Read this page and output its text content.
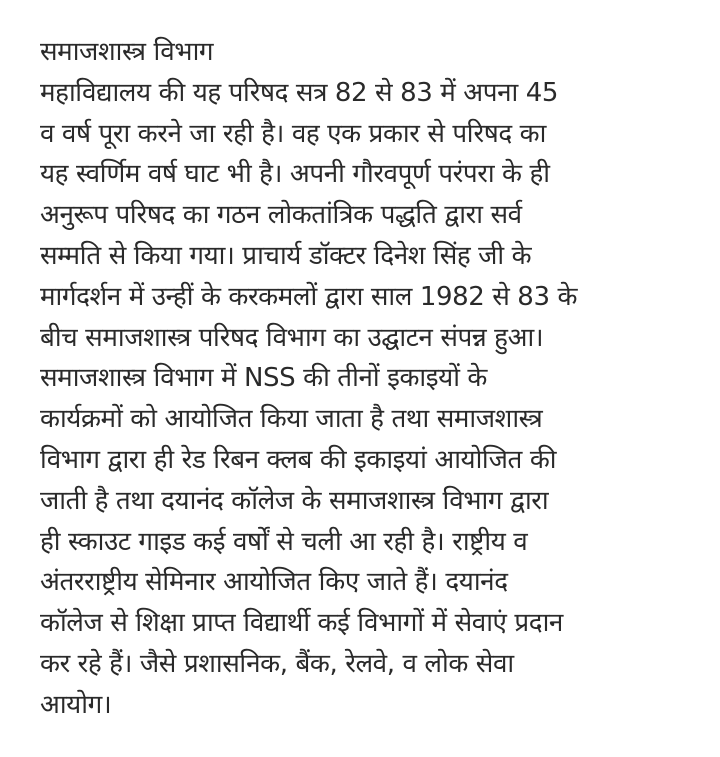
समाजशास्त्र विभाग
महाविद्यालय की यह परिषद सत्र 82 से 83 में अपना 45
व वर्ष पूरा करने जा रही है। वह एक प्रकार से परिषद का
यह स्वर्णिम वर्ष घाट भी है। अपनी गौरवपूर्ण परंपरा के ही
अनुरूप परिषद का गठन लोकतांत्रिक पद्धति द्वारा सर्व
सम्मति से किया गया। प्राचार्य डॉक्टर दिनेश सिंह जी के
मार्गदर्शन में उन्हीं के करकमलों द्वारा साल 1982 से 83 के
बीच समाजशास्त्र परिषद विभाग का उद्घाटन संपन्न हुआ।
समाजशास्त्र विभाग में NSS की तीनों इकाइयों के
कार्यक्रमों को आयोजित किया जाता है तथा समाजशास्त्र
विभाग द्वारा ही रेड रिबन क्लब की इकाइयां आयोजित की
जाती है तथा दयानंद कॉलेज के समाजशास्त्र विभाग द्वारा
ही स्काउट गाइड कई वर्षों से चली आ रही है। राष्ट्रीय व
अंतरराष्ट्रीय सेमिनार आयोजित किए जाते हैं। दयानंद
कॉलेज से शिक्षा प्राप्त विद्यार्थी कई विभागों में सेवाएं प्रदान
कर रहे हैं। जैसे प्रशासनिक, बैंक, रेलवे, व लोक सेवा
आयोग।
